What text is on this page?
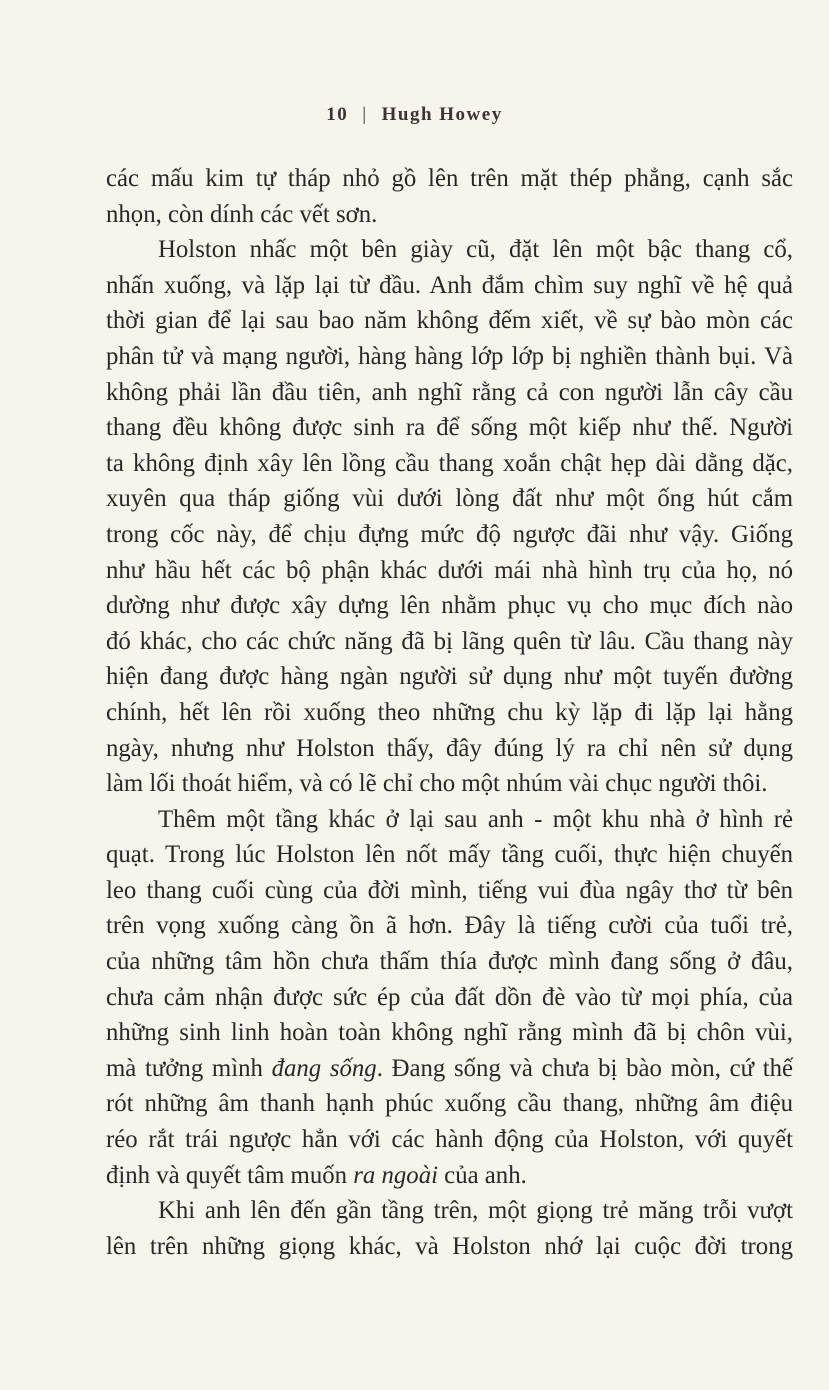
10 | Hugh Howey
các mấu kim tự tháp nhỏ gồ lên trên mặt thép phẳng, cạnh sắc
nhọn, còn dính các vết sơn.
Holston nhấc một bên giày cũ, đặt lên một bậc thang cổ,
nhấn xuống, và lặp lại từ đầu. Anh đắm chìm suy nghĩ về hệ quả
thời gian để lại sau bao năm không đếm xiết, về sự bào mòn các
phân tử và mạng người, hàng hàng lớp lớp bị nghiền thành bụi. Và
không phải lần đầu tiên, anh nghĩ rằng cả con người lẫn cây cầu
thang đều không được sinh ra để sống một kiếp như thế. Người
ta không định xây lên lồng cầu thang xoắn chật hẹp dài dằng dặc,
xuyên qua tháp giống vùi dưới lòng đất như một ống hút cắm
trong cốc này, để chịu đựng mức độ ngược đãi như vậy. Giống
như hầu hết các bộ phận khác dưới mái nhà hình trụ của họ, nó
dường như được xây dựng lên nhằm phục vụ cho mục đích nào
đó khác, cho các chức năng đã bị lãng quên từ lâu. Cầu thang này
hiện đang được hàng ngàn người sử dụng như một tuyến đường
chính, hết lên rồi xuống theo những chu kỳ lặp đi lặp lại hằng
ngày, nhưng như Holston thấy, đây đúng lý ra chỉ nên sử dụng
làm lối thoát hiểm, và có lẽ chỉ cho một nhúm vài chục người thôi.
Thêm một tầng khác ở lại sau anh - một khu nhà ở hình rẻ
quạt. Trong lúc Holston lên nốt mấy tầng cuối, thực hiện chuyến
leo thang cuối cùng của đời mình, tiếng vui đùa ngây thơ từ bên
trên vọng xuống càng ồn ã hơn. Đây là tiếng cười của tuổi trẻ,
của những tâm hồn chưa thấm thía được mình đang sống ở đâu,
chưa cảm nhận được sức ép của đất dồn đè vào từ mọi phía, của
những sinh linh hoàn toàn không nghĩ rằng mình đã bị chôn vùi,
mà tưởng mình đang sống. Đang sống và chưa bị bào mòn, cứ thế
rót những âm thanh hạnh phúc xuống cầu thang, những âm điệu
réo rắt trái ngược hẳn với các hành động của Holston, với quyết
định và quyết tâm muốn ra ngoài của anh.
Khi anh lên đến gần tầng trên, một giọng trẻ măng trỗi vượt
lên trên những giọng khác, và Holston nhớ lại cuộc đời trong
